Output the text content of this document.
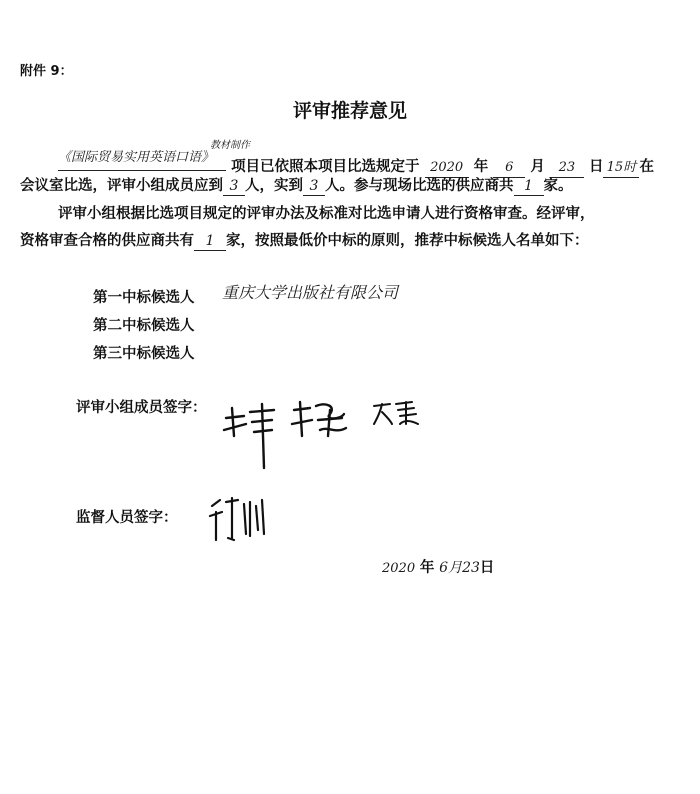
附件 9：
评审推荐意见
《国际贸易实用英语口语》
教材制作
项目已依照本项目比选规定于 2020 年 6 月 23 日 15时 在
会议室比选，评审小组成员应到 3 人，实到 3 人。参与现场比选的供应商共 1 家。
评审小组根据比选项目规定的评审办法及标准对比选申请人进行资格审查。经评审，
资格审查合格的供应商共有 1 家，按照最低价中标的原则，推荐中标候选人名单如下：
第一中标候选人 重庆大学出版社有限公司
第二中标候选人
第三中标候选人
评审小组成员签字：
监督人员签字：
2020 年 6月23日
